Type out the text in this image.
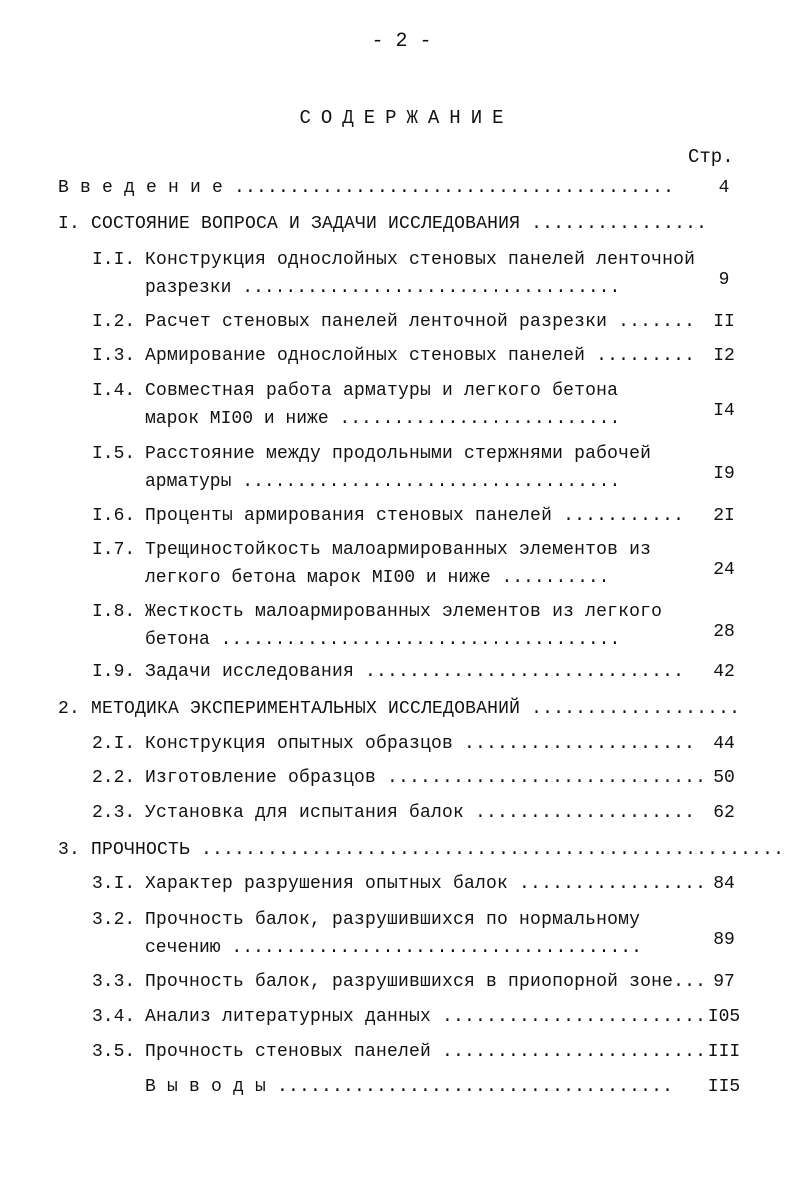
- 2 -
СОДЕРЖАНИЕ
Стр.
В в е д е н и е ........................................	4
I. СОСТОЯНИЕ ВОПРОСА И ЗАДАЧИ ИССЛЕДОВАНИЯ ................
I.I. Конструкция однослойных стеновых панелей ленточной
разрезки ...................................	9
I.2. Расчет стеновых панелей ленточной разрезки .......	II
I.3. Армирование однослойных стеновых панелей .........	I2
I.4. Совместная работа арматуры и легкого бетона
марок MI00 и ниже ..........................	I4
I.5. Расстояние между продольными стержнями рабочей
арматуры ...................................	I9
I.6. Проценты армирования стеновых панелей ...........	2I
I.7. Трещиностойкость малоармированных элементов из
легкого бетона марок MI00 и ниже ..........	24
I.8. Жесткость малоармированных элементов из легкого
бетона .....................................	28
I.9. Задачи исследования .............................	42
2. МЕТОДИКА ЭКСПЕРИМЕНТАЛЬНЫХ ИССЛЕДОВАНИЙ ...................
2.I. Конструкция опытных образцов .....................	44
2.2. Изготовление образцов ............................. 50
2.3. Установка для испытания балок ....................	62
3. ПРОЧНОСТЬ .....................................................
3.I. Характер разрушения опытных балок ................. 84
3.2. Прочность балок, разрушившихся по нормальному
сечению ......................................	89
3.3. Прочность балок, разрушившихся в приопорной зоне... 97
3.4. Анализ литературных данных ........................ I05
3.5. Прочность стеновых панелей ........................ III
В ы в о д ы ....................................	II5
